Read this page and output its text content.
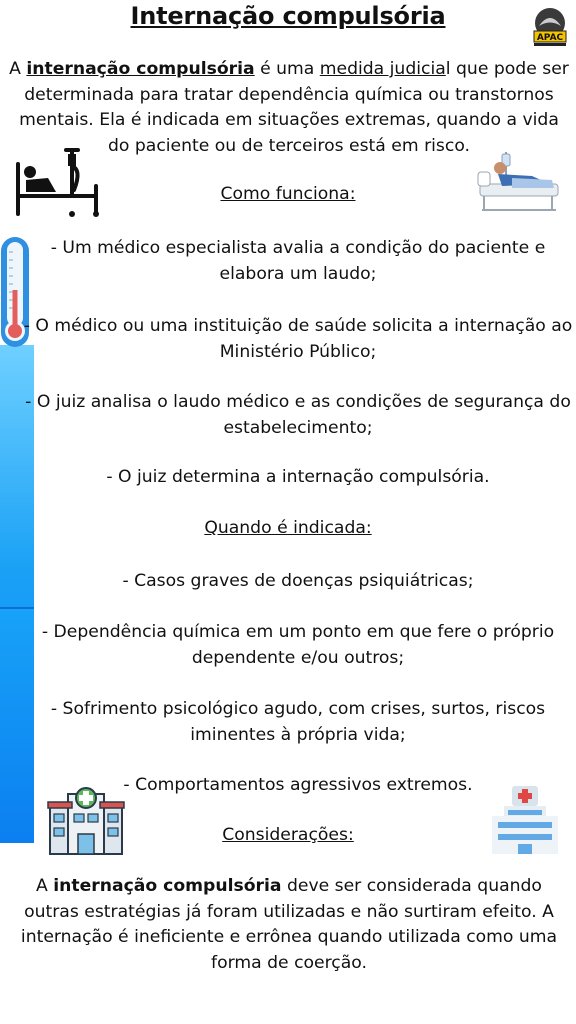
Internação compulsória
APAC
A internação compulsória é uma medida judicial que pode ser determinada para tratar dependência química ou transtornos mentais. Ela é indicada em situações extremas, quando a vida do paciente ou de terceiros está em risco.
Como funciona:
- Um médico especialista avalia a condição do paciente e elabora um laudo;
- O médico ou uma instituição de saúde solicita a internação ao Ministério Público;
- O juiz analisa o laudo médico e as condições de segurança do estabelecimento;
- O juiz determina a internação compulsória.
Quando é indicada:
- Casos graves de doenças psiquiátricas;
- Dependência química em um ponto em que fere o próprio dependente e/ou outros;
- Sofrimento psicológico agudo, com crises, surtos, riscos iminentes à própria vida;
- Comportamentos agressivos extremos.
Considerações:
A internação compulsória deve ser considerada quando outras estratégias já foram utilizadas e não surtiram efeito. A internação é ineficiente e errônea quando utilizada como uma forma de coerção.
